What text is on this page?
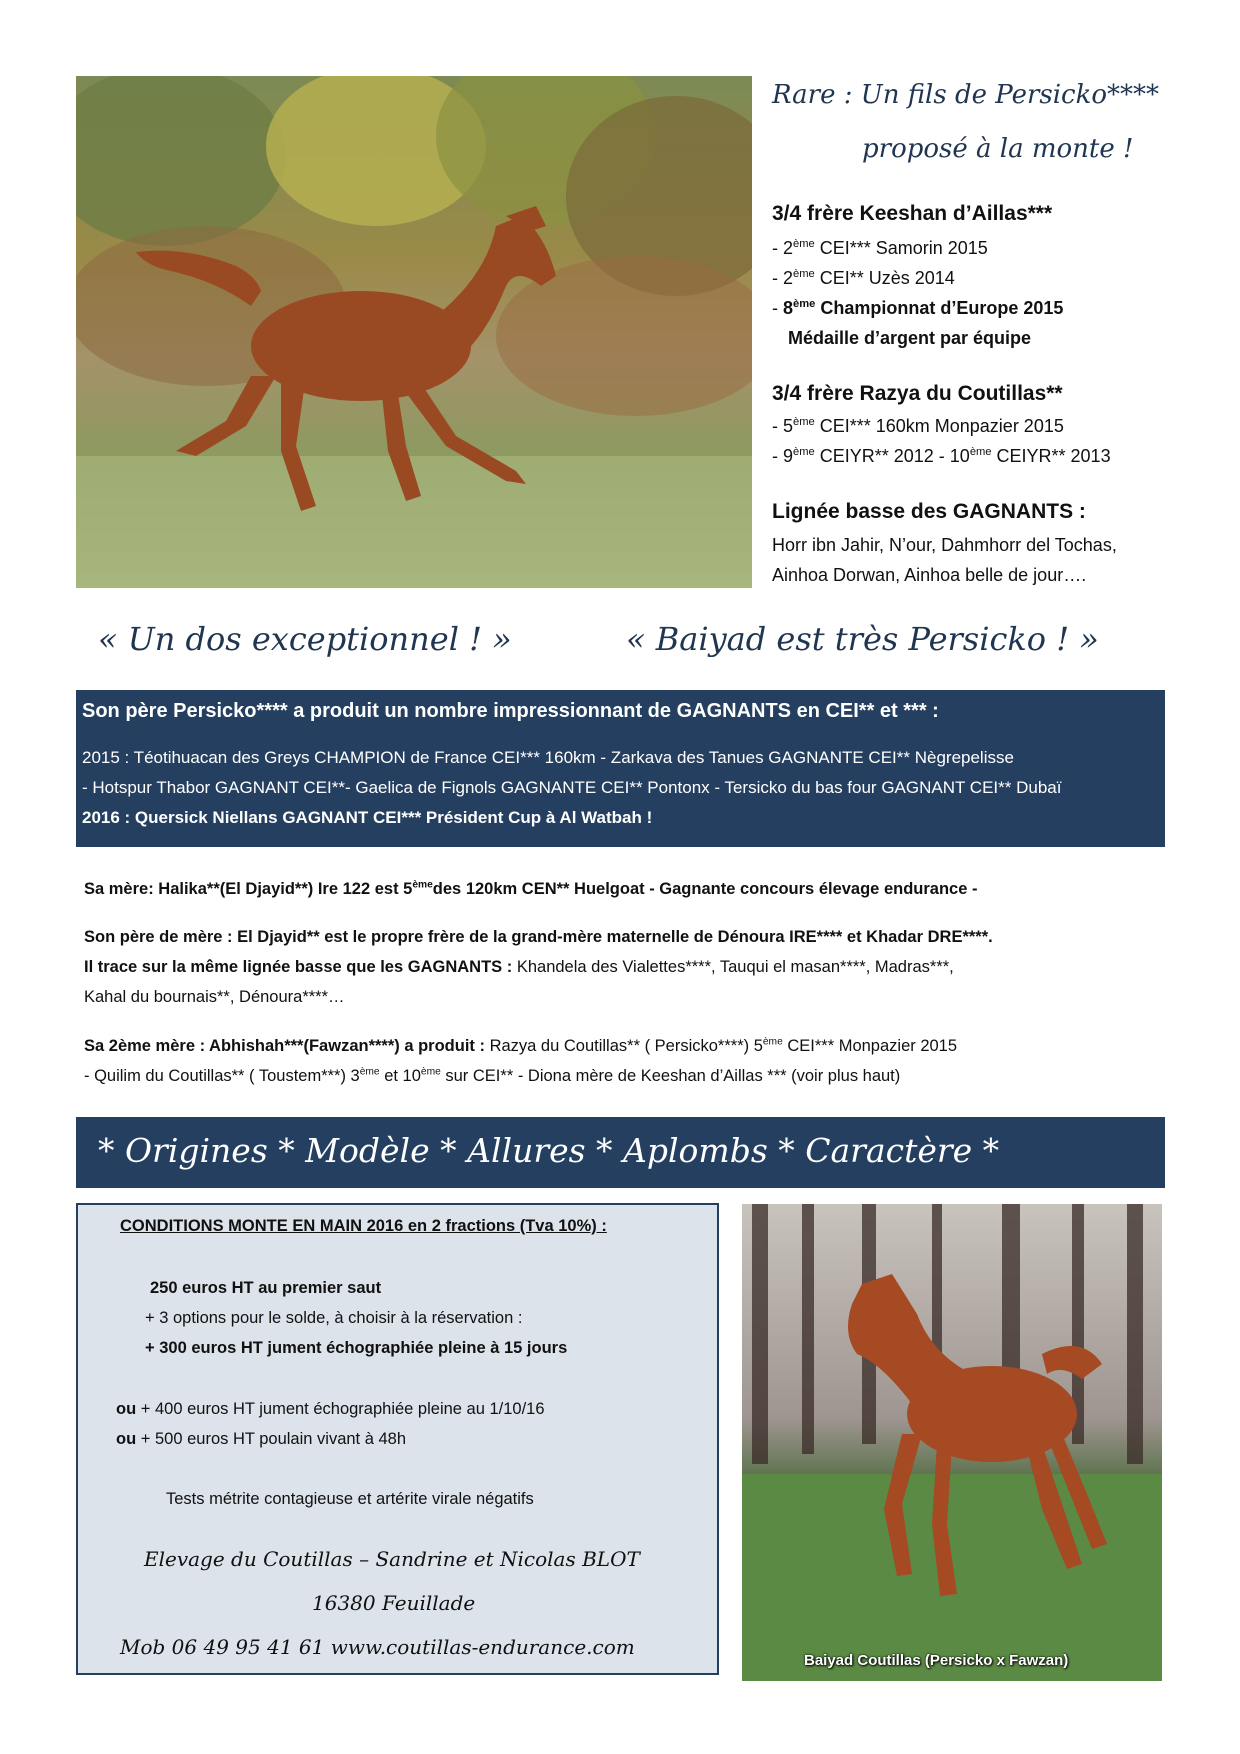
Rare : Un fils de Persicko****
proposé à la monte !
3/4 frère Keeshan d’Aillas***
- 2ème CEI*** Samorin 2015
- 2ème CEI** Uzès 2014
- 8ème Championnat d’Europe 2015
Médaille d’argent par équipe
3/4 frère Razya du Coutillas**
- 5ème CEI*** 160km Monpazier 2015
- 9ème CEIYR** 2012 - 10ème CEIYR** 2013
Lignée basse des GAGNANTS :
Horr ibn Jahir, N’our, Dahmhorr del Tochas,
Ainhoa Dorwan, Ainhoa belle de jour….
« Un dos exceptionnel ! »	« Baiyad est très Persicko ! »
Son père Persicko**** a produit un nombre impressionnant de GAGNANTS en CEI** et *** :
2015 : Téotihuacan des Greys CHAMPION de France CEI*** 160km - Zarkava des Tanues GAGNANTE CEI** Nègrepelisse
- Hotspur Thabor GAGNANT CEI**- Gaelica de Fignols GAGNANTE CEI** Pontonx - Tersicko du bas four GAGNANT CEI** Dubaï
2016 : Quersick Niellans GAGNANT CEI*** Président Cup à Al Watbah !
Sa mère: Halika**(El Djayid**) Ire 122 est 5èmedes 120km CEN** Huelgoat - Gagnante concours élevage endurance -
Son père de mère : El Djayid** est le propre frère de la grand-mère maternelle de Dénoura IRE**** et Khadar DRE****.
Il trace sur la même lignée basse que les GAGNANTS : Khandela des Vialettes****, Tauqui el masan****, Madras***,
Kahal du bournais**, Dénoura****…
Sa 2ème mère : Abhishah***(Fawzan****) a produit : Razya du Coutillas** ( Persicko****) 5ème CEI*** Monpazier 2015
- Quilim du Coutillas** ( Toustem***) 3ème et 10ème sur CEI** - Diona mère de Keeshan d’Aillas *** (voir plus haut)
* Origines * Modèle * Allures * Aplombs * Caractère *
CONDITIONS MONTE EN MAIN 2016 en 2 fractions (Tva 10%) :
250 euros HT au premier saut
+ 3 options pour le solde, à choisir à la réservation :
+ 300 euros HT jument échographiée pleine à 15 jours
ou + 400 euros HT jument échographiée pleine au 1/10/16
ou + 500 euros HT poulain vivant à 48h
Tests métrite contagieuse et artérite virale négatifs
Elevage du Coutillas – Sandrine et Nicolas BLOT
16380 Feuillade
Mob 06 49 95 41 61 www.coutillas-endurance.com
Baiyad Coutillas (Persicko x Fawzan)
